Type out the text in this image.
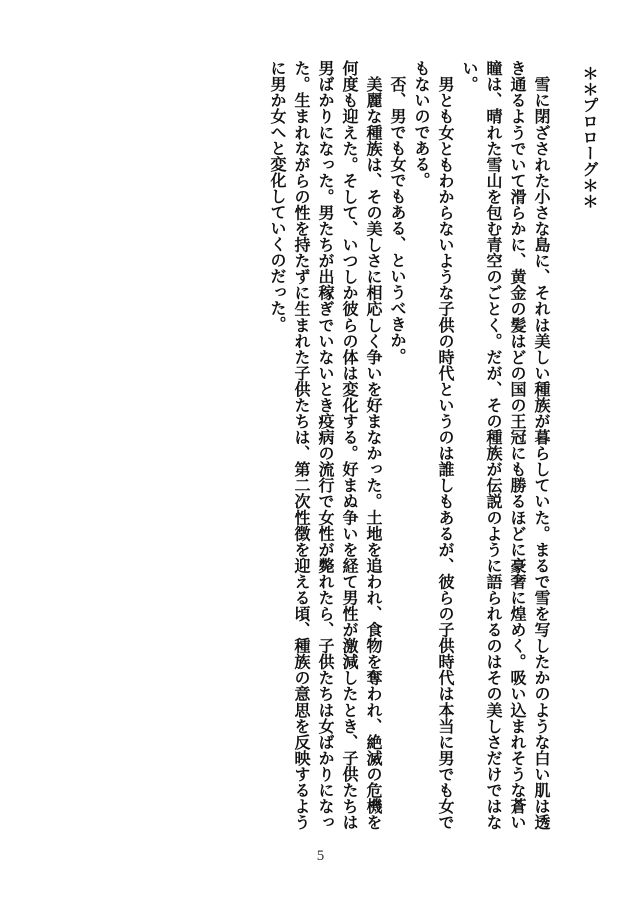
＊＊プロローグ＊＊

　雪に閉ざされた小さな島に、それは美しい種族が暮らしていた。まるで雪を写したかのような白い肌は透き通るようでいて滑らかに、黄金の髪はどの国の王冠にも勝るほどに豪奢に煌めく。吸い込まれそうな蒼い瞳は、晴れた雪山を包む青空のごとく。だが、その種族が伝説のように語られるのはその美しさだけではない。

　男とも女ともわからないような子供の時代というのは誰しもあるが、彼らの子供時代は本当に男でも女でもないのである。

　否、男でも女でもある、というべきか。

　美麗な種族は、その美しさに相応しく争いを好まなかった。土地を追われ、食物を奪われ、絶滅の危機を何度も迎えた。そして、いつしか彼らの体は変化する。好まぬ争いを経て男性が激減したとき、子供たちは男ばかりになった。男たちが出稼ぎでいないとき疫病の流行で女性が斃れたら、子供たちは女ばかりになった。生まれながらの性を持たずに生まれた子供たちは、第二次性徴を迎える頃、種族の意思を反映するように男か女へと変化していくのだった。

5
